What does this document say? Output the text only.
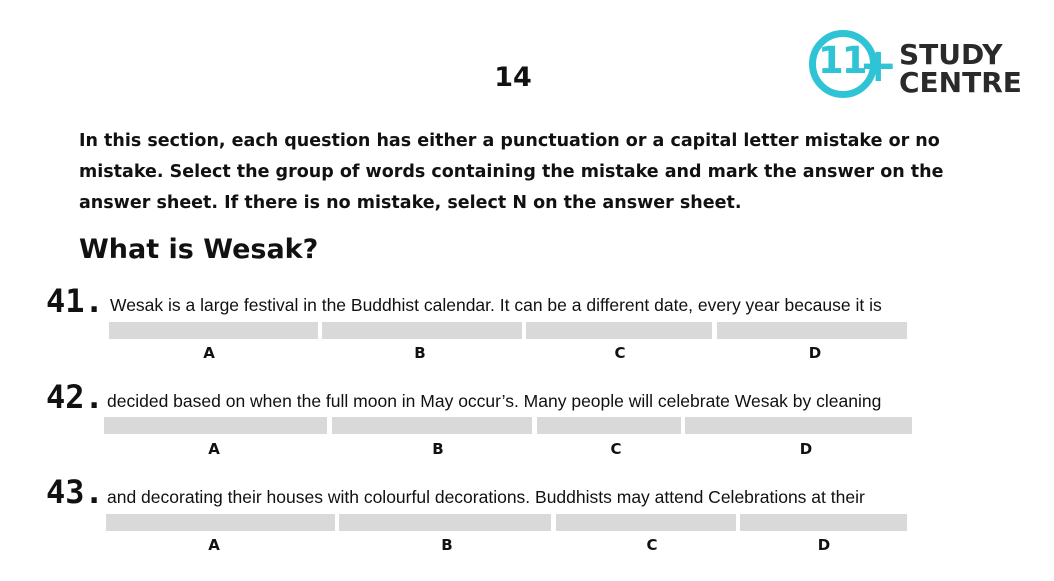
14	11
+ STUDY
CENTRE
In this section, each question has either a punctuation or a capital letter mistake or no mistake. Select the group of words containing the mistake and mark the answer on the answer sheet. If there is no mistake, select N on the answer sheet.
What is Wesak?
41. Wesak is a large festival in the Buddhist calendar. It can be a different date, every year because it is
A	B	C	D
42. decided based on when the full moon in May occur’s. Many people will celebrate Wesak by cleaning
A	B	C	D
43. and decorating their houses with colourful decorations. Buddhists may attend Celebrations at their
A	B	C	D
